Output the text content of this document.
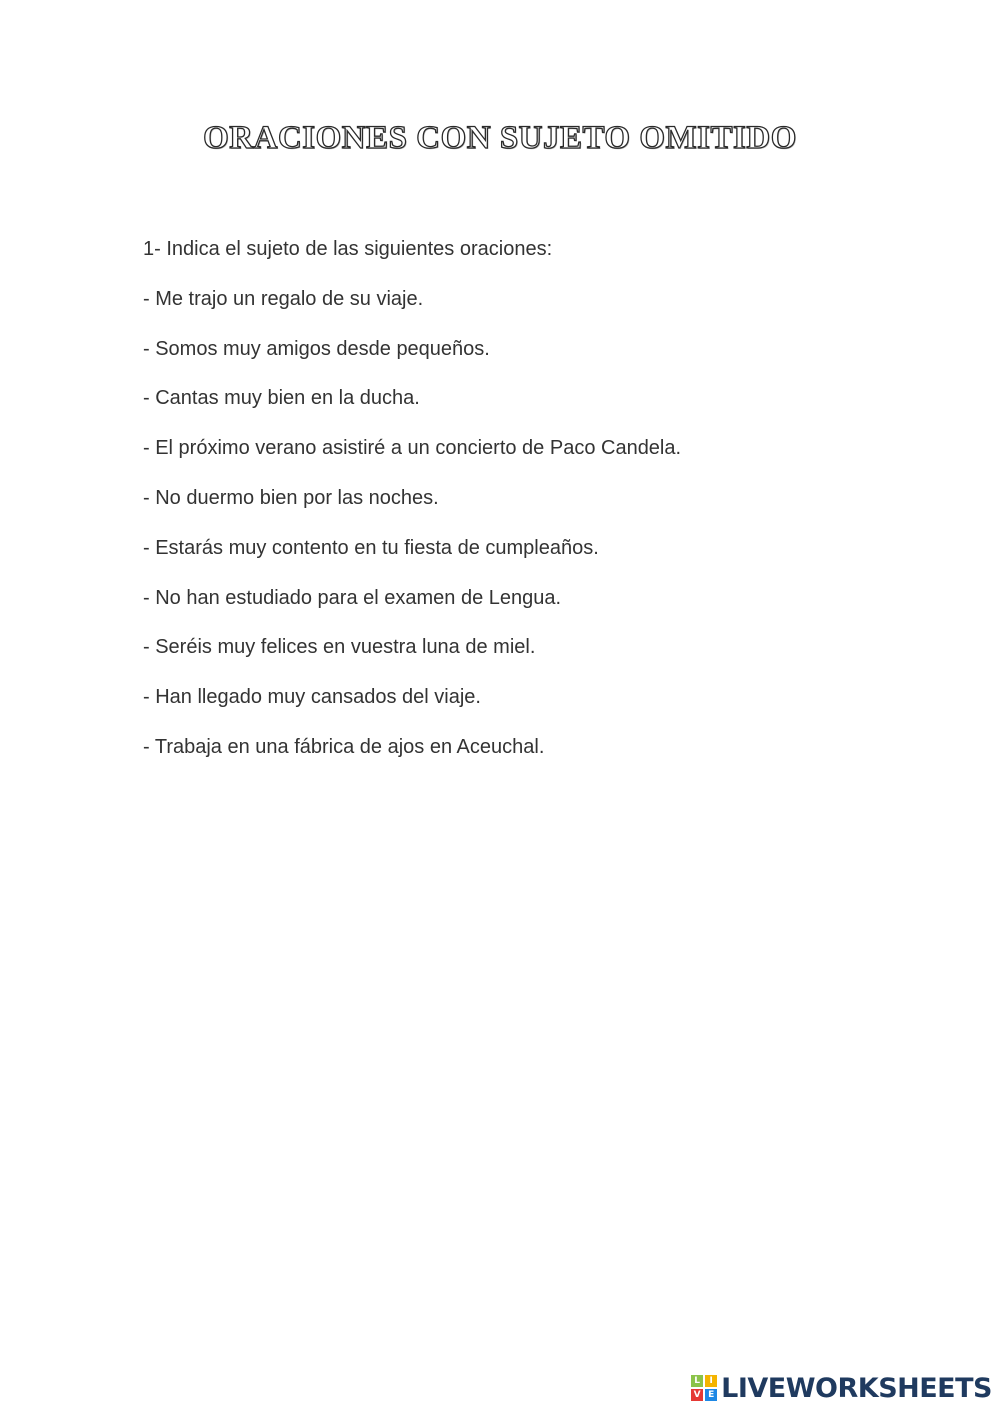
ORACIONES CON SUJETO OMITIDO

1- Indica el sujeto de las siguientes oraciones:

- Me trajo un regalo de su viaje.
- Somos muy amigos desde pequeños.
- Cantas muy bien en la ducha.
- El próximo verano asistiré a un concierto de Paco Candela.
- No duermo bien por las noches.
- Estarás muy contento en tu fiesta de cumpleaños.
- No han estudiado para el examen de Lengua.
- Seréis muy felices en vuestra luna de miel.
- Han llegado muy cansados del viaje.
- Trabaja en una fábrica de ajos en Aceuchal.
L	I
V E LIVEWORKSHEETS
